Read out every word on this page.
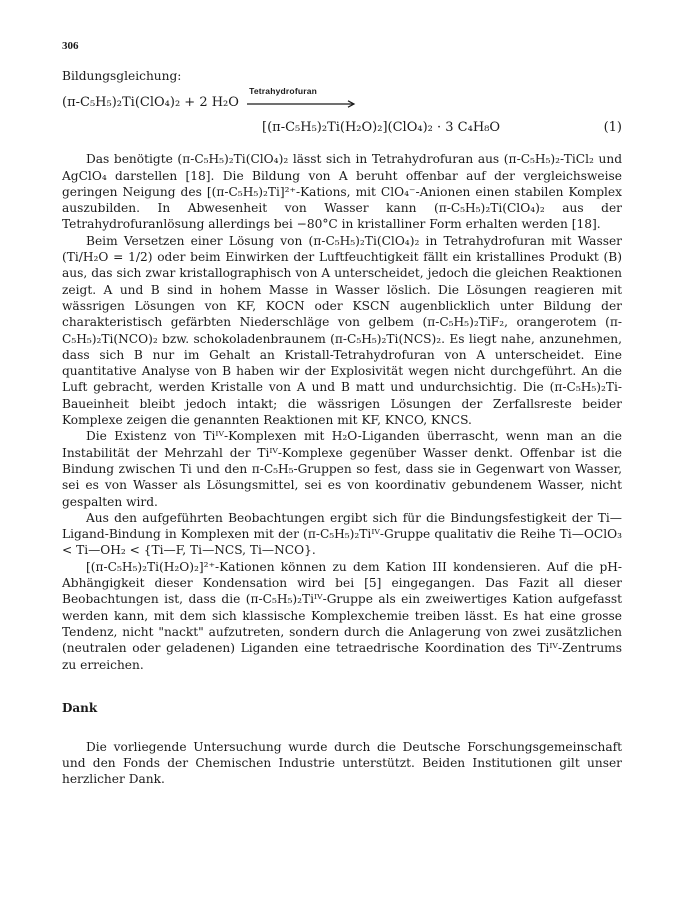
306

Bildungsgleichung:

(π-C₅H₅)₂Ti(ClO₄)₂ + 2 H₂O
Tetrahydrofuran
[(π-C₅H₅)₂Ti(H₂O)₂](ClO₄)₂ · 3 C₄H₈O	(1)

Das benötigte (π-C₅H₅)₂Ti(ClO₄)₂ lässt sich in Tetrahydrofuran aus (π-C₅H₅)₂-TiCl₂ und AgClO₄ darstellen [18]. Die Bildung von A beruht offenbar auf der vergleichsweise geringen Neigung des [(π-C₅H₅)₂Ti]²⁺-Kations, mit ClO₄⁻-Anionen einen stabilen Komplex auszubilden. In Abwesenheit von Wasser kann (π-C₅H₅)₂Ti(ClO₄)₂ aus der Tetrahydrofuranlösung allerdings bei −80°C in kristalliner Form erhalten werden [18].

Beim Versetzen einer Lösung von (π-C₅H₅)₂Ti(ClO₄)₂ in Tetrahydrofuran mit Wasser (Ti/H₂O = 1/2) oder beim Einwirken der Luftfeuchtigkeit fällt ein kristallines Produkt (B) aus, das sich zwar kristallographisch von A unterscheidet, jedoch die gleichen Reaktionen zeigt. A und B sind in hohem Masse in Wasser löslich. Die Lösungen reagieren mit wässrigen Lösungen von KF, KOCN oder KSCN augenblicklich unter Bildung der charakteristisch gefärbten Niederschläge von gelbem (π-C₅H₅)₂TiF₂, orangerotem (π-C₅H₅)₂Ti(NCO)₂ bzw. schokoladenbraunem (π-C₅H₅)₂Ti(NCS)₂. Es liegt nahe, anzunehmen, dass sich B nur im Gehalt an Kristall-Tetrahydrofuran von A unterscheidet. Eine quantitative Analyse von B haben wir der Explosivität wegen nicht durchgeführt. An die Luft gebracht, werden Kristalle von A und B matt und undurchsichtig. Die (π-C₅H₅)₂Ti-Baueinheit bleibt jedoch intakt; die wässrigen Lösungen der Zerfallsreste beider Komplexe zeigen die genannten Reaktionen mit KF, KNCO, KNCS.

Die Existenz von Tiᴵⱽ-Komplexen mit H₂O-Liganden überrascht, wenn man an die Instabilität der Mehrzahl der Tiᴵⱽ-Komplexe gegenüber Wasser denkt. Offenbar ist die Bindung zwischen Ti und den π-C₅H₅-Gruppen so fest, dass sie in Gegenwart von Wasser, sei es von Wasser als Lösungsmittel, sei es von koordinativ gebundenem Wasser, nicht gespalten wird.

Aus den aufgeführten Beobachtungen ergibt sich für die Bindungsfestigkeit der Ti—Ligand-Bindung in Komplexen mit der (π-C₅H₅)₂Tiᴵⱽ-Gruppe qualitativ die Reihe Ti—OClO₃ < Ti—OH₂ < {Ti—F, Ti—NCS, Ti—NCO}.

[(π-C₅H₅)₂Ti(H₂O)₂]²⁺-Kationen können zu dem Kation III kondensieren. Auf die pH-Abhängigkeit dieser Kondensation wird bei [5] eingegangen. Das Fazit all dieser Beobachtungen ist, dass die (π-C₅H₅)₂Tiᴵⱽ-Gruppe als ein zweiwertiges Kation aufgefasst werden kann, mit dem sich klassische Komplexchemie treiben lässt. Es hat eine grosse Tendenz, nicht "nackt" aufzutreten, sondern durch die Anlagerung von zwei zusätzlichen (neutralen oder geladenen) Liganden eine tetraedrische Koordination des Tiᴵⱽ-Zentrums zu erreichen.

Dank

Die vorliegende Untersuchung wurde durch die Deutsche Forschungsgemeinschaft und den Fonds der Chemischen Industrie unterstützt. Beiden Institutionen gilt unser herzlicher Dank.
